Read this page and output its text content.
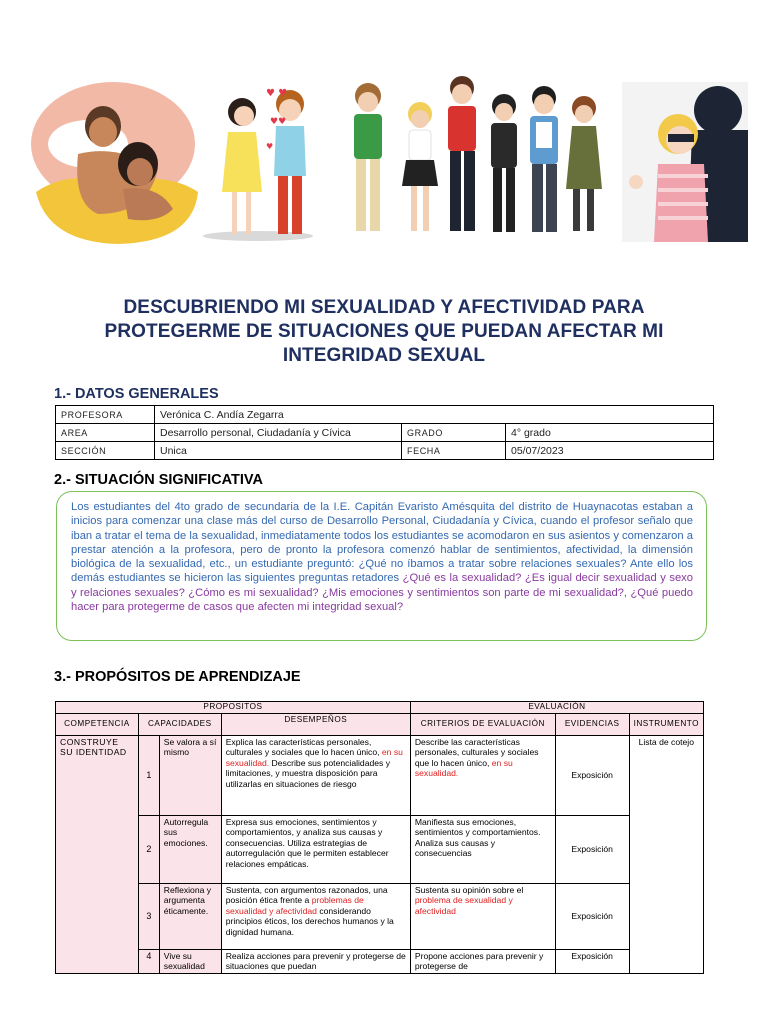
♥ ♥
♥♥
♥
DESCUBRIENDO MI SEXUALIDAD Y AFECTIVIDAD PARA PROTEGERME DE SITUACIONES QUE PUEDAN AFECTAR MI INTEGRIDAD SEXUAL
1.- DATOS GENERALES
PROFESORA	Verónica C. Andía Zegarra		
AREA	Desarrollo personal, Ciudadanía y Cívica	GRADO	4° grado
SECCIÓN	Unica	FECHA	05/07/2023
2.- SITUACIÓN SIGNIFICATIVA
Los estudiantes del 4to grado de secundaria de la I.E. Capitán Evaristo Amésquita del distrito de Huaynacotas estaban a inicios para comenzar una clase más del curso de Desarrollo Personal, Ciudadanía y Cívica, cuando el profesor señalo que iban a tratar el tema de la sexualidad, inmediatamente todos los estudiantes se acomodaron en sus asientos y comenzaron a prestar atención a la profesora, pero de pronto la profesora comenzó hablar de sentimientos, afectividad, la dimensión biológica de la sexualidad, etc., un estudiante preguntó: ¿Qué no íbamos a tratar sobre relaciones sexuales? Ante ello los demás estudiantes se hicieron las siguientes preguntas retadores ¿Qué es la sexualidad? ¿Es igual decir sexualidad y sexo y relaciones sexuales? ¿Cómo es mi sexualidad? ¿Mis emociones y sentimientos son parte de mi sexualidad?, ¿Qué puedo hacer para protegerme de casos que afecten mi integridad sexual?
3.- PROPÓSITOS DE APRENDIZAJE
PROPOSITOS				EVALUACIÓN		
COMPETENCIA	CAPACIDADES		DESEMPEÑOS	CRITERIOS DE EVALUACIÓN	EVIDENCIAS	INSTRUMENTO
CONSTRUYE SU IDENTIDAD	1	Se valora a sí mismo	Explica las características personales, culturales y sociales que lo hacen único, en su sexualidad. Describe sus potencialidades y limitaciones, y muestra disposición para utilizarlas en situaciones de riesgo	Describe las características personales, culturales y sociales que lo hacen único, en su sexualidad.	Exposición	Lista de cotejo
	2	Autorregula sus emociones.	Expresa sus emociones, sentimientos y comportamientos, y analiza sus causas y consecuencias. Utiliza estrategias de autorregulación que le permiten establecer relaciones empáticas.	Manifiesta sus emociones, sentimientos y comportamientos. Analiza sus causas y consecuencias	Exposición	
	3	Reflexiona y argumenta éticamente.	Sustenta, con argumentos razonados, una posición ética frente a problemas de sexualidad y afectividad considerando principios éticos, los derechos humanos y la dignidad humana.	Sustenta su opinión sobre el problema de sexualidad y afectividad	Exposición	
	4	Vive su sexualidad	Realiza acciones para prevenir y protegerse de situaciones que puedan	Propone acciones para prevenir y protegerse de	Exposición	
